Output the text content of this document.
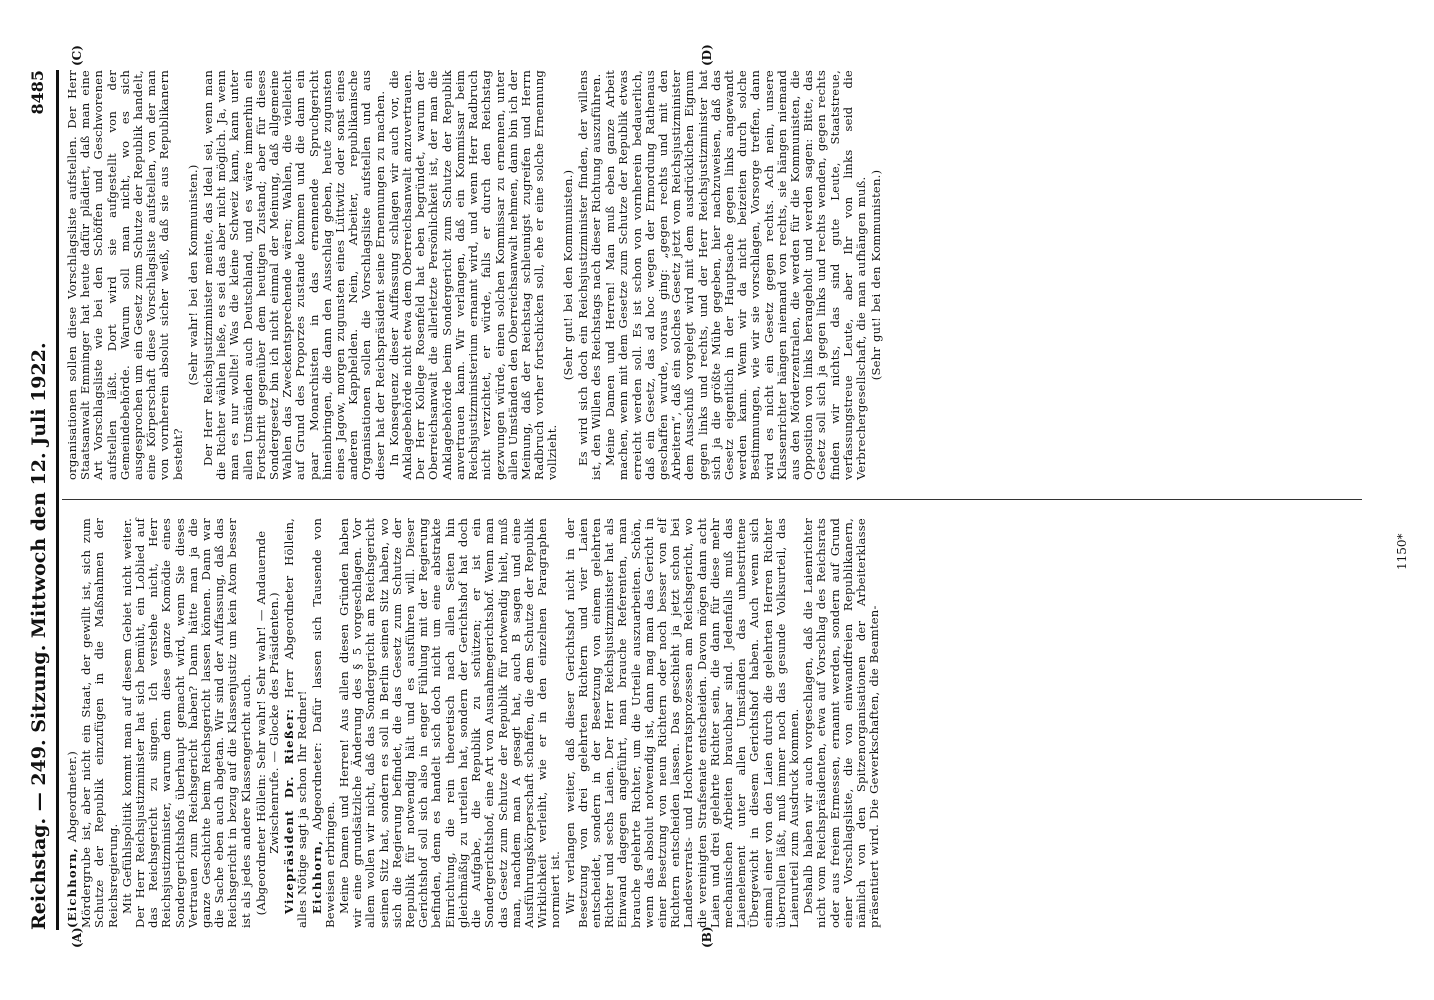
Reichstag. — 249. Sitzung. Mittwoch den 12. Juli 1922.
8485
(A)	(B)
(C)	(D)

(Eichhorn, Abgeordneter.) Mördergrube ist, aber nicht ein Staat, der gewillt ist, sich zum Schutze der Republik einzufügen in die Maßnahmen der Reichsregierung. Mit Gefühlspolitik kommt man auf diesem Gebiet nicht weiter. Der Herr Reichsjustizminister hat sich bemüht, ein Loblied auf das Reichsgericht zu singen. Ich verstehe nicht, Herr Reichsjustizminister, warum denn diese ganze Komödie eines Sondergerichtshofs überhaupt gemacht wird, wenn Sie dieses Vertrauen zum Reichsgericht haben? Dann hätte man ja die ganze Geschichte beim Reichsgericht lassen können. Dann war die Sache eben auch abgetan. Wir sind der Auffassung, daß das Reichsgericht in bezug auf die Klassenjustiz um kein Atom besser ist als jedes andere Klassengericht auch. (Abgeordneter Höllein: Sehr wahr! Sehr wahr! — Andauernde Zwischenrufe. — Glocke des Präsidenten.) Vizepräsident Dr. Rießer: Herr Abgeordneter Höllein, alles Nötige sagt ja schon Ihr Redner! Eichhorn, Abgeordneter: Dafür lassen sich Tausende von Beweisen erbringen. Meine Damen und Herren! Aus allen diesen Gründen haben wir eine grundsätzliche Änderung des § 5 vorgeschlagen. Vor allem wollen wir nicht, daß das Sondergericht am Reichsgericht seinen Sitz hat, sondern es soll in Berlin seinen Sitz haben, wo sich die Regierung befindet, die das Gesetz zum Schutze der Republik für notwendig hält und es ausführen will. Dieser Gerichtshof soll sich also in enger Fühlung mit der Regierung befinden, denn es handelt sich doch nicht um eine abstrakte Einrichtung, die rein theoretisch nach allen Seiten hin gleichmäßig zu urteilen hat, sondern der Gerichtshof hat doch die Aufgabe, die Republik zu schützen; er ist ein Sondergerichtshof, eine Art von Ausnahmegerichtshof. Wenn man das Gesetz zum Schutze der Republik für notwendig hielt, muß man, nachdem man A gesagt hat, auch B sagen und eine Ausführungskörperschaft schaffen, die dem Schutze der Republik Wirklichkeit verleiht, wie er in den einzelnen Paragraphen normiert ist. Wir verlangen weiter, daß dieser Gerichtshof nicht in der Besetzung von drei gelehrten Richtern und vier Laien entscheidet, sondern in der Besetzung von einem gelehrten Richter und sechs Laien. Der Herr Reichsjustizminister hat als Einwand dagegen angeführt, man brauche Referenten, man brauche gelehrte Richter, um die Urteile auszuarbeiten. Schön, wenn das absolut notwendig ist, dann mag man das Gericht in einer Besetzung von neun Richtern oder noch besser von elf Richtern entscheiden lassen. Das geschieht ja jetzt schon bei Landesverrats- und Hochverratsprozessen am Reichsgericht, wo die vereinigten Strafsenate entscheiden. Davon mögen dann acht Laien und drei gelehrte Richter sein, die dann für diese mehr mechanischen Arbeiten brauchbar sind. Jedenfalls muß das Laienelement unter allen Umständen das unbestrittene Übergewicht in diesem Gerichtshof haben. Auch wenn sich einmal einer von den Laien durch die gelehrten Herren Richter überrollen läßt, muß immer noch das gesunde Volksurteil, das Laienurteil zum Ausdruck kommen. Deshalb haben wir auch vorgeschlagen, daß die Laienrichter nicht vom Reichspräsidenten, etwa auf Vorschlag des Reichsrats oder aus freiem Ermessen, ernannt werden, sondern auf Grund einer Vorschlagsliste, die von einwandfreien Republikanern, nämlich von den Spitzenorganisationen der Arbeiterklasse präsentiert wird. Die Gewerkschaften, die Beamten-

organisationen sollen diese Vorschlagsliste aufstellen. Der Herr Staatsanwalt Emminger hat heute dafür plädiert, daß man eine Art Vorschlagsliste wie bei den Schöffen und Geschworenen aufstellen läßt. Dort wird sie aufgestellt von der Gemeindebehörde. Warum soll man nicht, wo es sich ausgesprochen um ein Gesetz zum Schutze der Republik handelt, eine Körperschaft diese Vorschlagsliste aufstellen, von der man von vornherein absolut sicher weiß, daß sie aus Republikanern besteht?

(Sehr wahr! bei den Kommunisten.) Der Herr Reichsjustizminister meinte, das Ideal sei, wenn man die Richter wählen ließe, es sei das aber nicht möglich. Ja, wenn man es nur wollte! Was die kleine Schweiz kann, kann unter allen Umständen auch Deutschland, und es wäre immerhin ein Fortschritt gegenüber dem heutigen Zustand; aber für dieses Sondergesetz bin ich nicht einmal der Meinung, daß allgemeine Wahlen das Zweckentsprechende wären; Wahlen, die vielleicht auf Grund des Proporzes zustande kommen und die dann ein paar Monarchisten in das ernennende Spruchgericht hineinbringen, die dann den Ausschlag geben, heute zugunsten eines Jagow, morgen zugunsten eines Lüttwitz oder sonst eines anderen Kapphelden. Nein, Arbeiter, republikanische Organisationen sollen die Vorschlagsliste aufstellen und aus dieser hat der Reichspräsident seine Ernennungen zu machen. In Konsequenz dieser Auffassung schlagen wir auch vor, die Anklagebehörde nicht etwa dem Oberreichsanwalt anzuvertrauen. Der Herr Kollege Rosenfeld hat eben begründet, warum der Oberreichsanwalt die allerletzte Persönlichkeit ist, der man die Anklagebehörde beim Sondergericht zum Schutze der Republik anvertrauen kann. Wir verlangen, daß ein Kommissar beim Reichsjustizministerium ernannt wird, und wenn Herr Radbruch nicht verzichtet, er würde, falls er durch den Reichstag gezwungen würde, einen solchen Kommissar zu ernennen, unter allen Umständen den Oberreichsanwalt nehmen, dann bin ich der Meinung, daß der Reichstag schleunigst zugreifen und Herrn Radbruch vorher fortschicken soll, ehe er eine solche Ernennung vollzieht.

(Sehr gut! bei den Kommunisten.) Es wird sich doch ein Reichsjustizminister finden, der willens ist, den Willen des Reichstags nach dieser Richtung auszuführen. Meine Damen und Herren! Man muß eben ganze Arbeit machen, wenn mit dem Gesetze zum Schutze der Republik etwas erreicht werden soll. Es ist schon von vornherein bedauerlich, daß ein Gesetz, das ad hoc wegen der Ermordung Rathenaus geschaffen wurde, voraus ging: „gegen rechts und mit den Arbeitern“, daß ein solches Gesetz jetzt vom Reichsjustizminister dem Ausschuß vorgelegt wird mit dem ausdrücklichen Eignum gegen links und rechts, und der Herr Reichsjustizminister hat sich ja die größte Mühe gegeben, hier nachzuweisen, daß das Gesetz eigentlich in der Hauptsache gegen links angewandt werden kann. Wenn wir da nicht beizeiten durch solche Bestimmungen, wie wir sie vorschlagen, Vorsorge treffen, dann wird es nicht ein Gesetz gegen rechts. Ach nein, unsere Klassenrichter hängen niemand von rechts, sie hängen niemand aus den Mörderzentralen, die werden für die Kommunisten, die Opposition von links herangeholt und werden sagen: Bitte, das Gesetz soll sich ja gegen links und rechts wenden, gegen rechts finden wir nichts, das sind gute Leute, Staatstreue, verfassungstreue Leute, aber Ihr von links seid die Verbrechergesellschaft, die man aufhängen muß. (Sehr gut! bei den Kommunisten.)

1150*
